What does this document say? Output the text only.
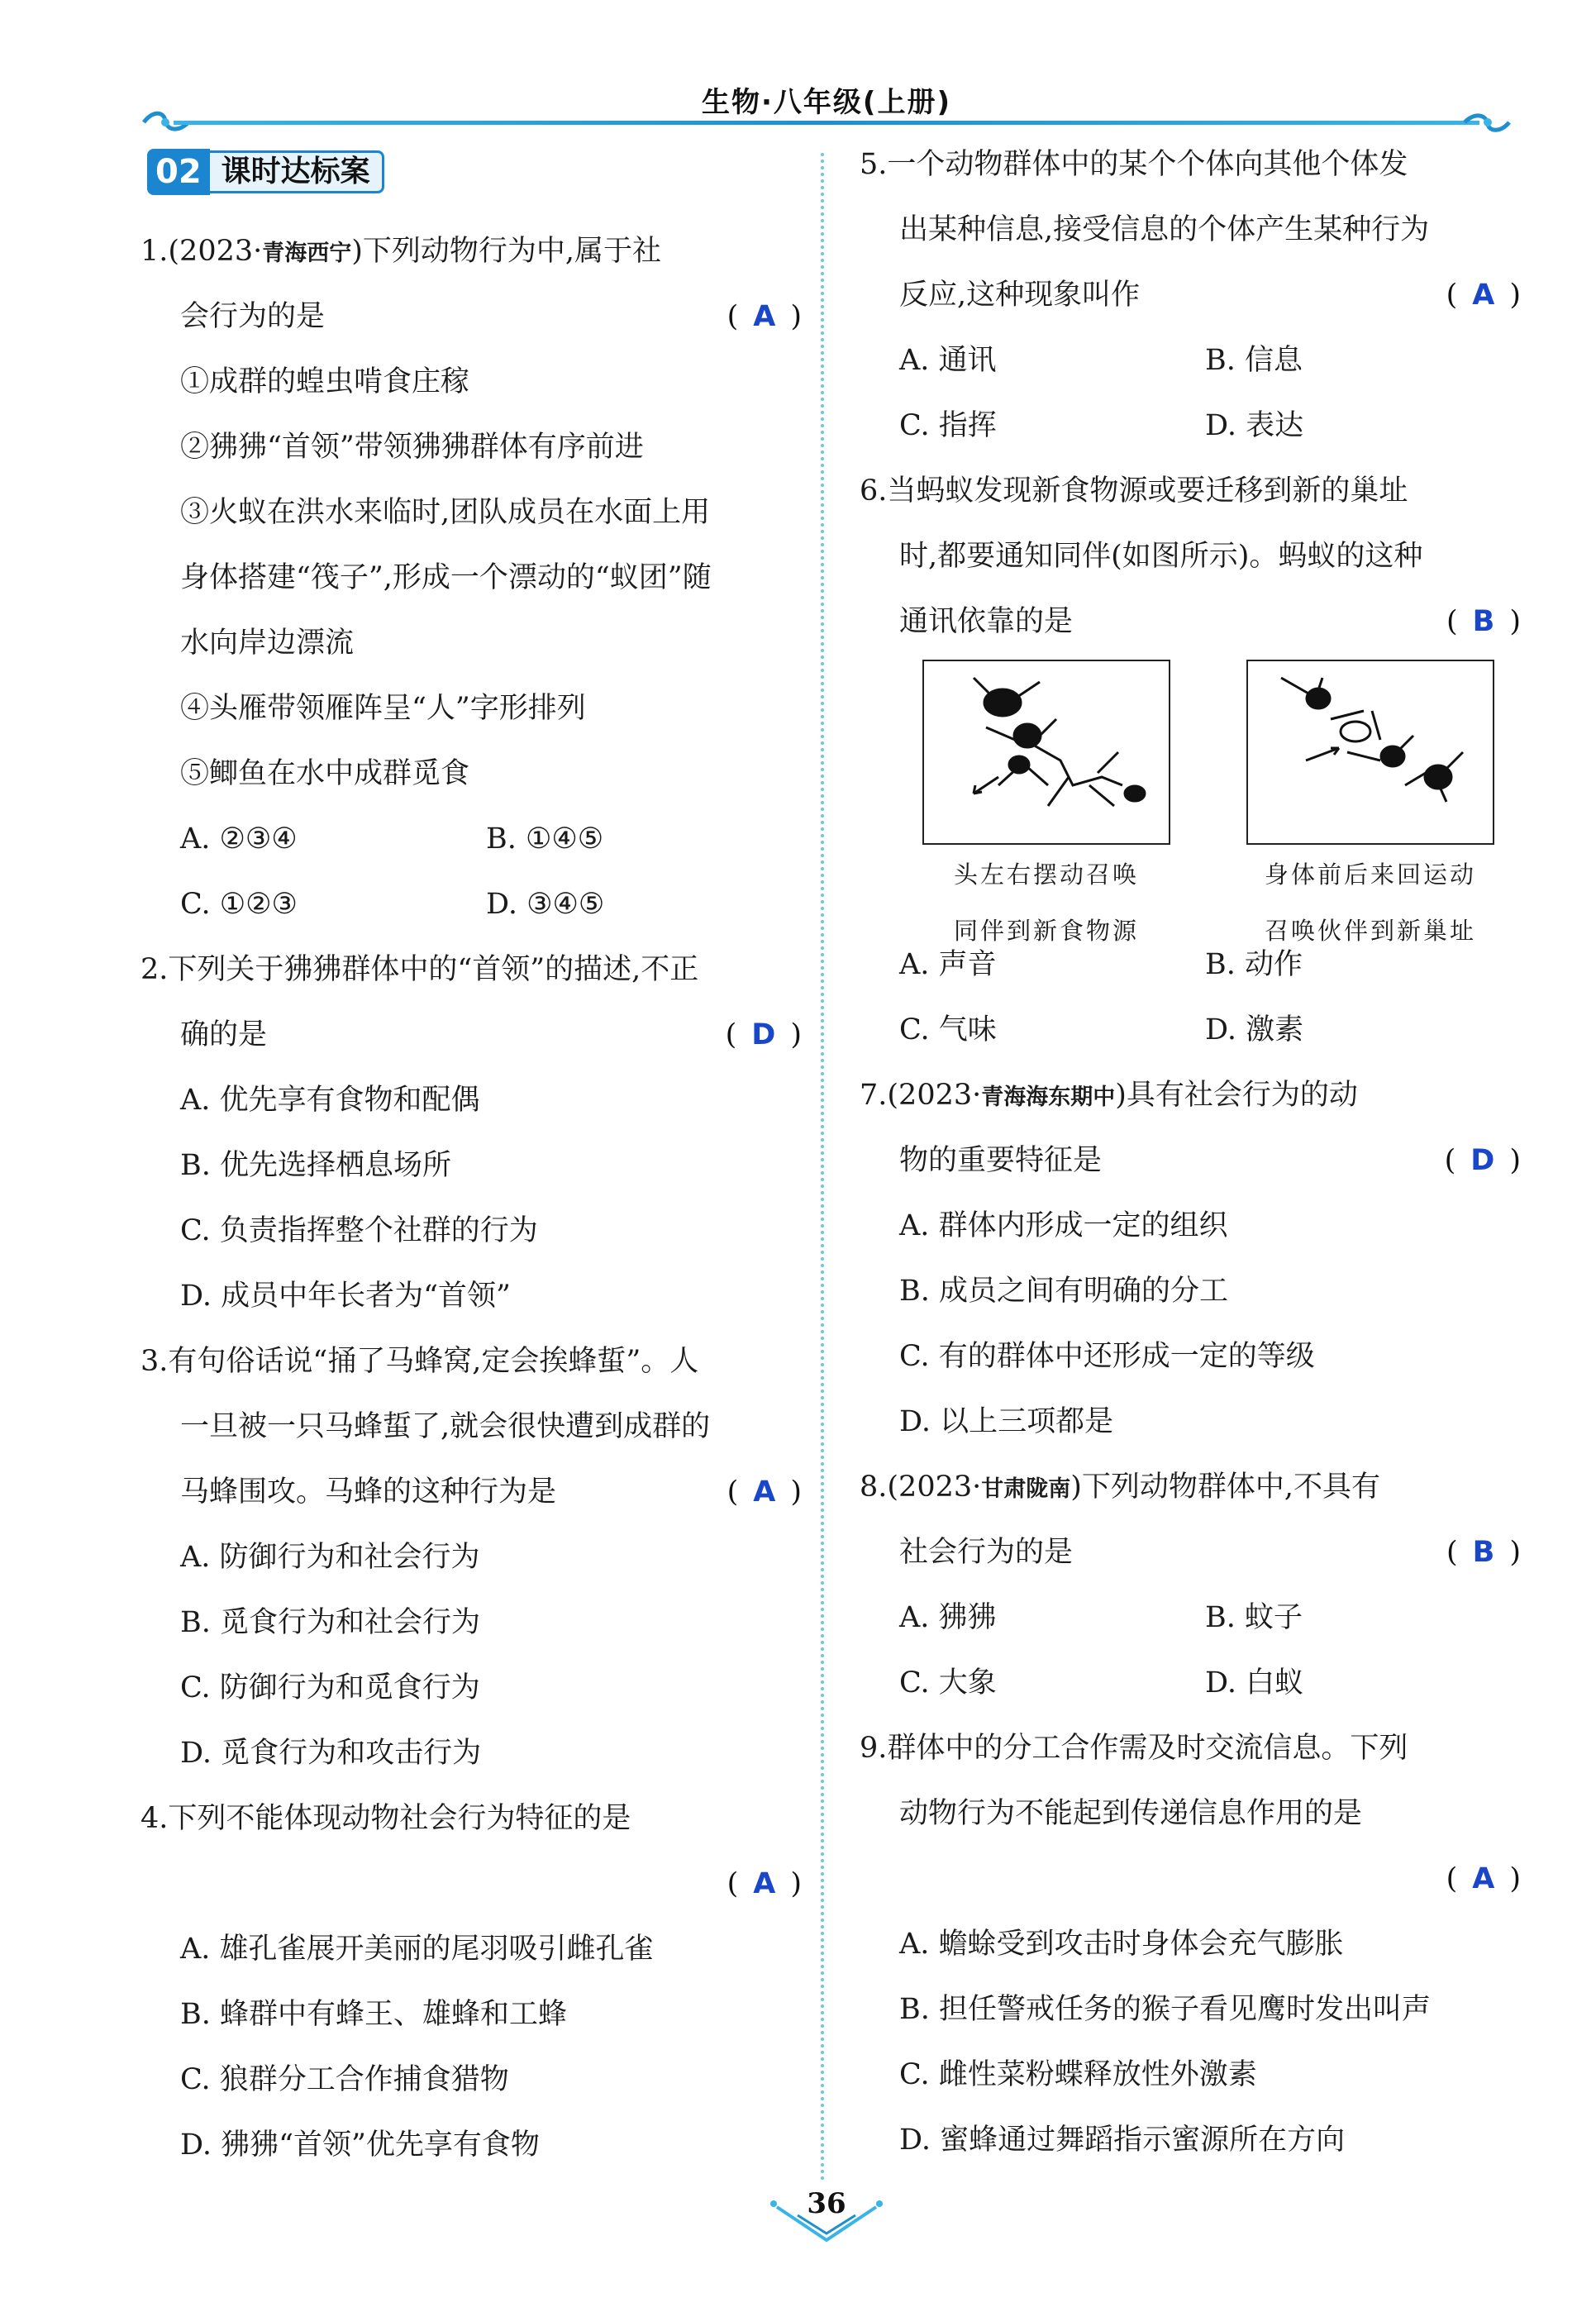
生物·八年级(上册)
02 课时达标案
1.(2023·青海西宁)下列动物行为中,属于社
会行为的是	( A )
①成群的蝗虫啃食庄稼
②狒狒“首领”带领狒狒群体有序前进
③火蚁在洪水来临时,团队成员在水面上用
身体搭建“筏子”,形成一个漂动的“蚁团”随
水向岸边漂流
④头雁带领雁阵呈“人”字形排列
⑤鲫鱼在水中成群觅食
A. ②③④	B. ①④⑤
C. ①②③	D. ③④⑤
2.下列关于狒狒群体中的“首领”的描述,不正
确的是	( D )
A. 优先享有食物和配偶
B. 优先选择栖息场所
C. 负责指挥整个社群的行为
D. 成员中年长者为“首领”
3.有句俗话说“捅了马蜂窝,定会挨蜂蜇”。人
一旦被一只马蜂蜇了,就会很快遭到成群的
马蜂围攻。马蜂的这种行为是	( A )
A. 防御行为和社会行为
B. 觅食行为和社会行为
C. 防御行为和觅食行为
D. 觅食行为和攻击行为
4.下列不能体现动物社会行为特征的是
( A )
A. 雄孔雀展开美丽的尾羽吸引雌孔雀
B. 蜂群中有蜂王、雄蜂和工蜂
C. 狼群分工合作捕食猎物
D. 狒狒“首领”优先享有食物
5.一个动物群体中的某个个体向其他个体发
出某种信息,接受信息的个体产生某种行为
反应,这种现象叫作	( A )
A. 通讯	B. 信息
C. 指挥	D. 表达
6.当蚂蚁发现新食物源或要迁移到新的巢址
时,都要通知同伴(如图所示)。蚂蚁的这种
通讯依靠的是	( B )
头左右摆动召唤
同伴到新食物源
身体前后来回运动
召唤伙伴到新巢址
A. 声音	B. 动作
C. 气味	D. 激素
7.(2023·青海海东期中)具有社会行为的动
物的重要特征是	( D )
A. 群体内形成一定的组织
B. 成员之间有明确的分工
C. 有的群体中还形成一定的等级
D. 以上三项都是
8.(2023·甘肃陇南)下列动物群体中,不具有
社会行为的是	( B )
A. 狒狒	B. 蚊子
C. 大象	D. 白蚁
9.群体中的分工合作需及时交流信息。下列
动物行为不能起到传递信息作用的是
( A )
A. 蟾蜍受到攻击时身体会充气膨胀
B. 担任警戒任务的猴子看见鹰时发出叫声
C. 雌性菜粉蝶释放性外激素
D. 蜜蜂通过舞蹈指示蜜源所在方向
36
